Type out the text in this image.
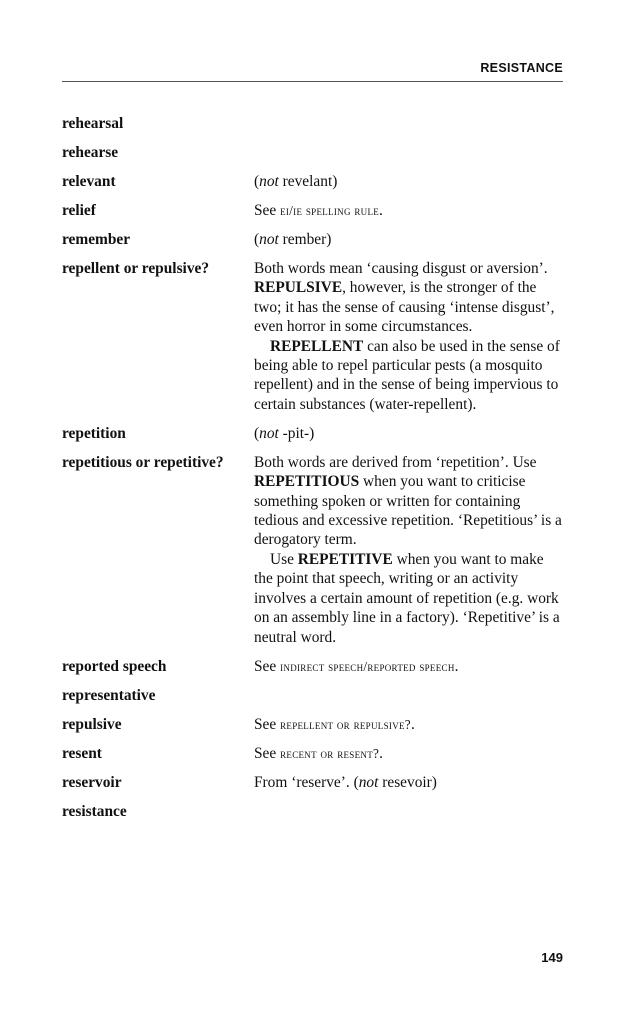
RESISTANCE
rehearsal
rehearse
relevant	(not revelant)
relief	See ei/ie spelling rule.
remember	(not rember)
repellent or repulsive?	Both words mean ‘causing disgust or aversion’. REPULSIVE, however, is the stronger of the two; it has the sense of causing ‘intense disgust’, even horror in some circumstances.

REPELLENT can also be used in the sense of being able to repel particular pests (a mosquito repellent) and in the sense of being impervious to certain substances (water-repellent).

repetition	(not -pit-)
repetitious or repetitive?	Both words are derived from ‘repetition’. Use REPETITIOUS when you want to criticise something spoken or written for containing tedious and excessive repetition. ‘Repetitious’ is a derogatory term.

Use REPETITIVE when you want to make the point that speech, writing or an activity involves a certain amount of repetition (e.g. work on an assembly line in a factory). ‘Repetitive’ is a neutral word.

reported speech	See indirect speech/reported speech.
representative
repulsive	See repellent or repulsive?.
resent	See recent or resent?.
reservoir	From ‘reserve’. (not resevoir)
resistance
149
